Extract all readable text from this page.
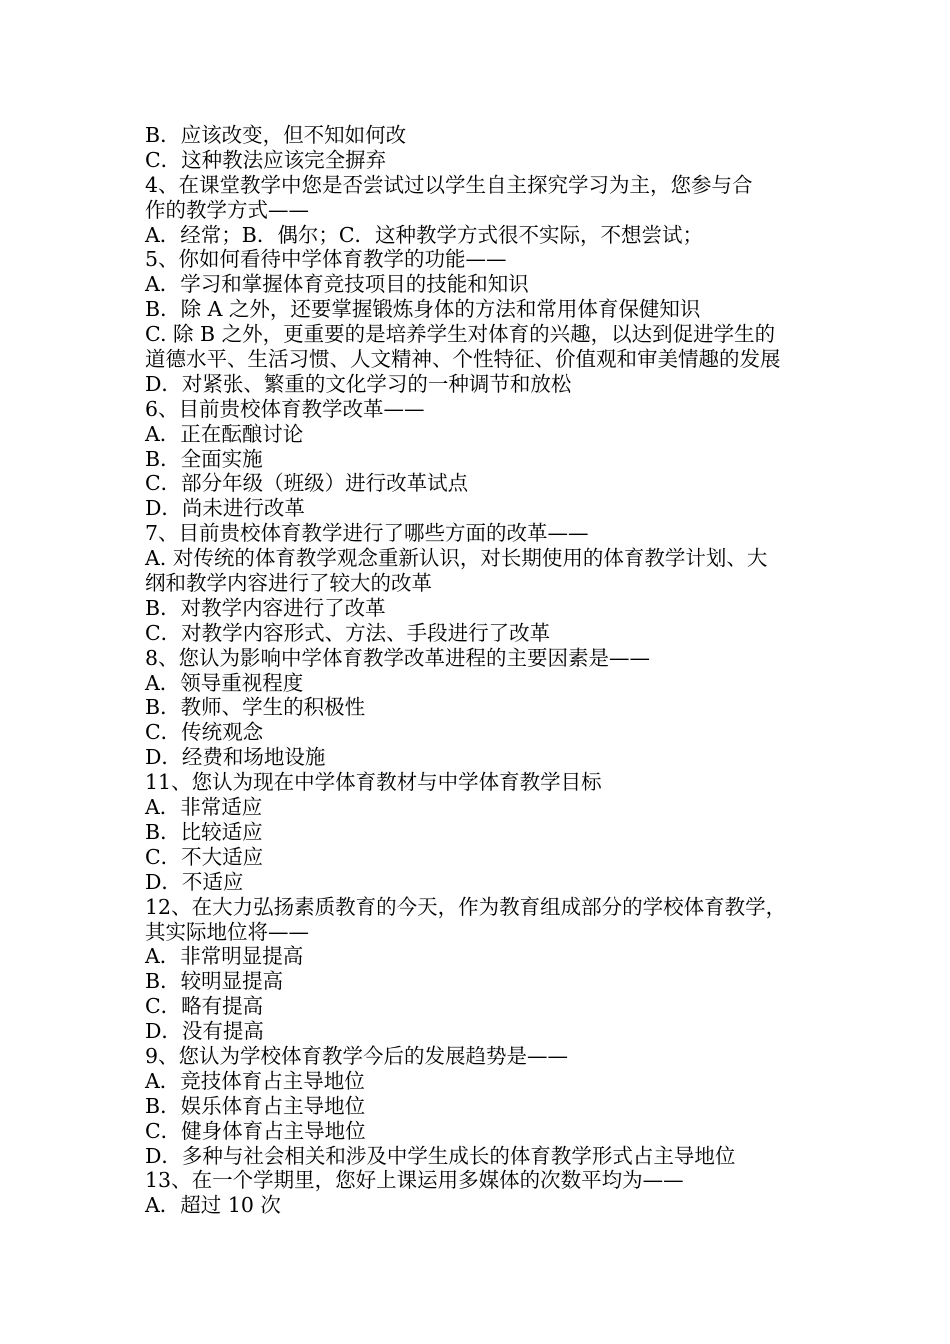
B．应该改变，但不知如何改
C．这种教法应该完全摒弃
4、在课堂教学中您是否尝试过以学生自主探究学习为主，您参与合
作的教学方式——
A．经常；B．偶尔；C．这种教学方式很不实际，不想尝试；
5、你如何看待中学体育教学的功能——
A．学习和掌握体育竞技项目的技能和知识
B．除 A 之外，还要掌握锻炼身体的方法和常用体育保健知识
C. 除 B 之外，更重要的是培养学生对体育的兴趣，以达到促进学生的
道德水平、生活习惯、人文精神、个性特征、价值观和审美情趣的发展
D．对紧张、繁重的文化学习的一种调节和放松
6、目前贵校体育教学改革——
A．正在酝酿讨论
B．全面实施
C．部分年级（班级）进行改革试点
D．尚未进行改革
7、目前贵校体育教学进行了哪些方面的改革——
A. 对传统的体育教学观念重新认识，对长期使用的体育教学计划、大
纲和教学内容进行了较大的改革
B．对教学内容进行了改革
C．对教学内容形式、方法、手段进行了改革
8、您认为影响中学体育教学改革进程的主要因素是——
A．领导重视程度
B．教师、学生的积极性
C．传统观念
D．经费和场地设施
11、您认为现在中学体育教材与中学体育教学目标
A．非常适应
B．比较适应
C．不大适应
D．不适应
12、在大力弘扬素质教育的今天，作为教育组成部分的学校体育教学，
其实际地位将——
A．非常明显提高
B．较明显提高
C．略有提高
D．没有提高
9、您认为学校体育教学今后的发展趋势是——
A．竞技体育占主导地位
B．娱乐体育占主导地位
C．健身体育占主导地位
D．多种与社会相关和涉及中学生成长的体育教学形式占主导地位
13、在一个学期里，您好上课运用多媒体的次数平均为——
A．超过 10 次
